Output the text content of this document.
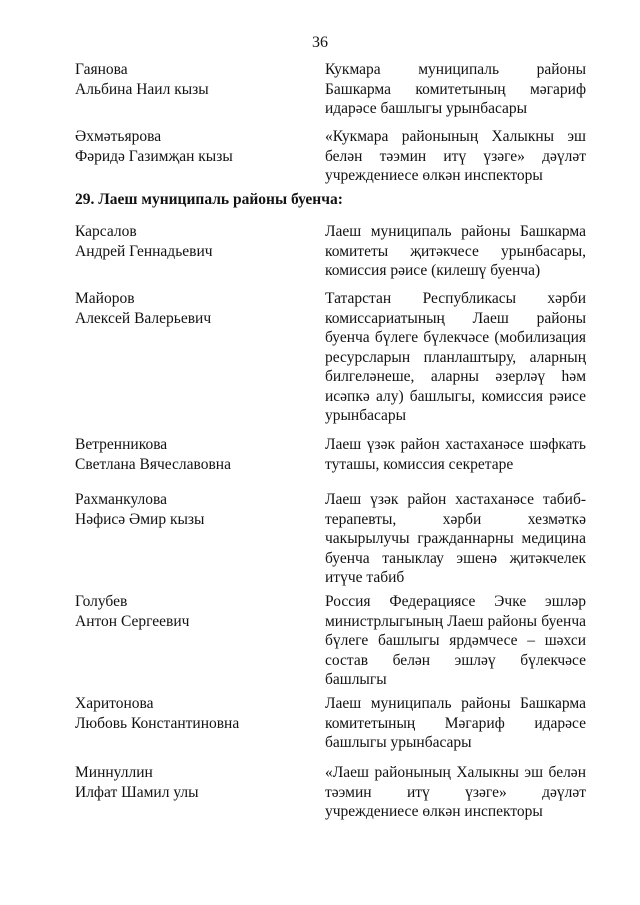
36
Гаянова
Альбина Наил кызы
Кукмара муниципаль районы Башкарма комитетының мәгариф идарәсе башлыгы урынбасары
Әхмәтьярова
Фәридә Газимҗан кызы
«Кукмара районының Халыкны эш белән тәэмин итү үзәге» дәүләт учреждениесе өлкән инспекторы
29. Лаеш муниципаль районы буенча:
Карсалов
Андрей Геннадьевич
Лаеш муниципаль районы Башкарма комитеты җитәкчесе урынбасары, комиссия рәисе (килешү буенча)
Майоров
Алексей Валерьевич
Татарстан Республикасы хәрби комиссариатының Лаеш районы буенча бүлеге бүлекчәсе (мобилизация ресурсларын планлаштыру, аларның билгеләнеше, аларны әзерләү һәм исәпкә алу) башлыгы, комиссия рәисе урынбасары
Ветренникова
Светлана Вячеславовна
Лаеш үзәк район хастаханәсе шәфкать туташы, комиссия секретаре
Рахманкулова
Нәфисә Әмир кызы
Лаеш үзәк район хастаханәсе табиб-терапевты, хәрби хезмәткә чакырылучы гражданнарны медицина буенча таныклау эшенә җитәкчелек итүче табиб
Голубев
Антон Сергеевич
Россия Федерациясе Эчке эшләр министрлыгының Лаеш районы буенча бүлеге башлыгы ярдәмчесе – шәхси состав белән эшләү бүлекчәсе башлыгы
Харитонова
Любовь Константиновна
Лаеш муниципаль районы Башкарма комитетының Мәгариф идарәсе башлыгы урынбасары
Миннуллин
Илфат Шамил улы
«Лаеш районының Халыкны эш белән тәэмин итү үзәге» дәүләт учреждениесе өлкән инспекторы
